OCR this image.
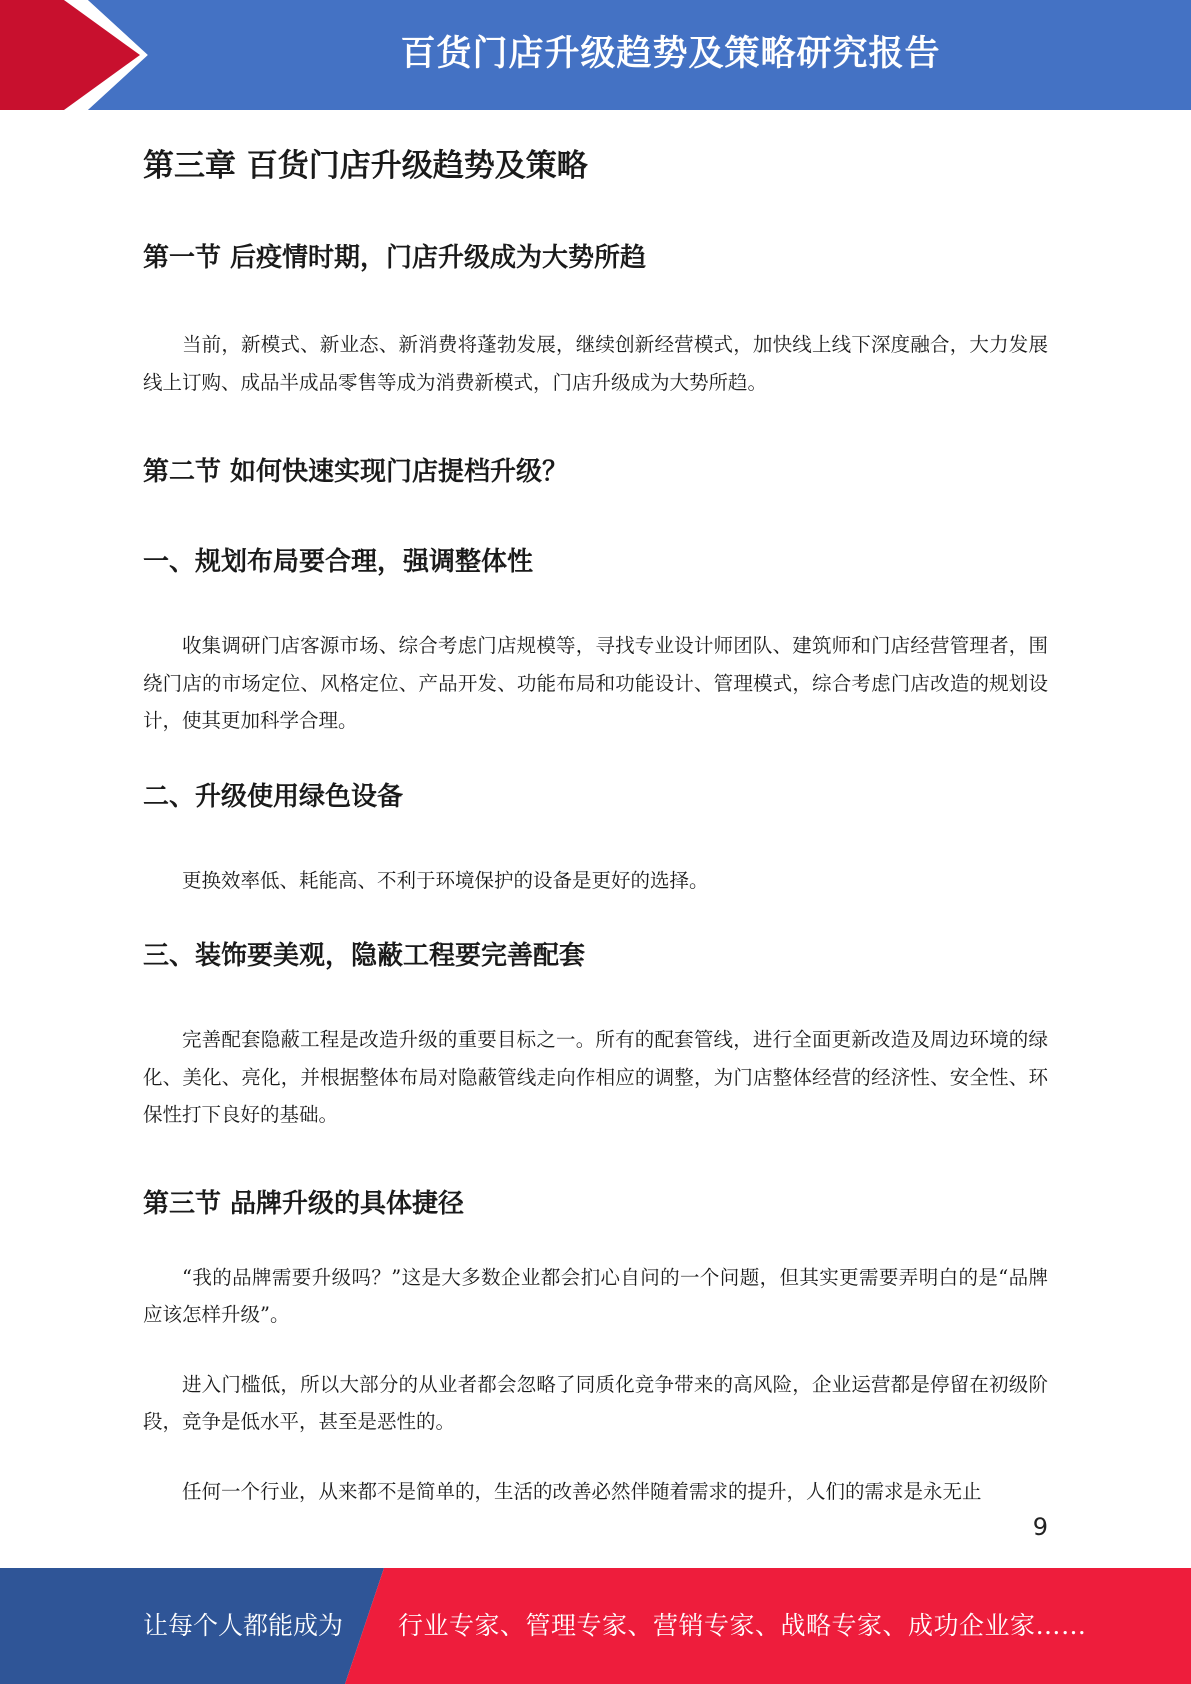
百货门店升级趋势及策略研究报告
第三章 百货门店升级趋势及策略
第一节 后疫情时期，门店升级成为大势所趋

当前，新模式、新业态、新消费将蓬勃发展，继续创新经营模式，加快线上线下深度融合，大力发展线上订购、成品半成品零售等成为消费新模式，门店升级成为大势所趋。

第二节 如何快速实现门店提档升级？
一、规划布局要合理，强调整体性

收集调研门店客源市场、综合考虑门店规模等，寻找专业设计师团队、建筑师和门店经营管理者，围绕门店的市场定位、风格定位、产品开发、功能布局和功能设计、管理模式，综合考虑门店改造的规划设计，使其更加科学合理。

二、升级使用绿色设备

更换效率低、耗能高、不利于环境保护的设备是更好的选择。

三、装饰要美观，隐蔽工程要完善配套

完善配套隐蔽工程是改造升级的重要目标之一。所有的配套管线，进行全面更新改造及周边环境的绿化、美化、亮化，并根据整体布局对隐蔽管线走向作相应的调整，为门店整体经营的经济性、安全性、环保性打下良好的基础。

第三节 品牌升级的具体捷径

“我的品牌需要升级吗？”这是大多数企业都会扪心自问的一个问题，但其实更需要弄明白的是“品牌应该怎样升级”。

进入门槛低，所以大部分的从业者都会忽略了同质化竞争带来的高风险，企业运营都是停留在初级阶段，竞争是低水平，甚至是恶性的。

任何一个行业，从来都不是简单的，生活的改善必然伴随着需求的提升，人们的需求是永无止

9
让每个人都能成为 行业专家、管理专家、营销专家、战略专家、成功企业家……
